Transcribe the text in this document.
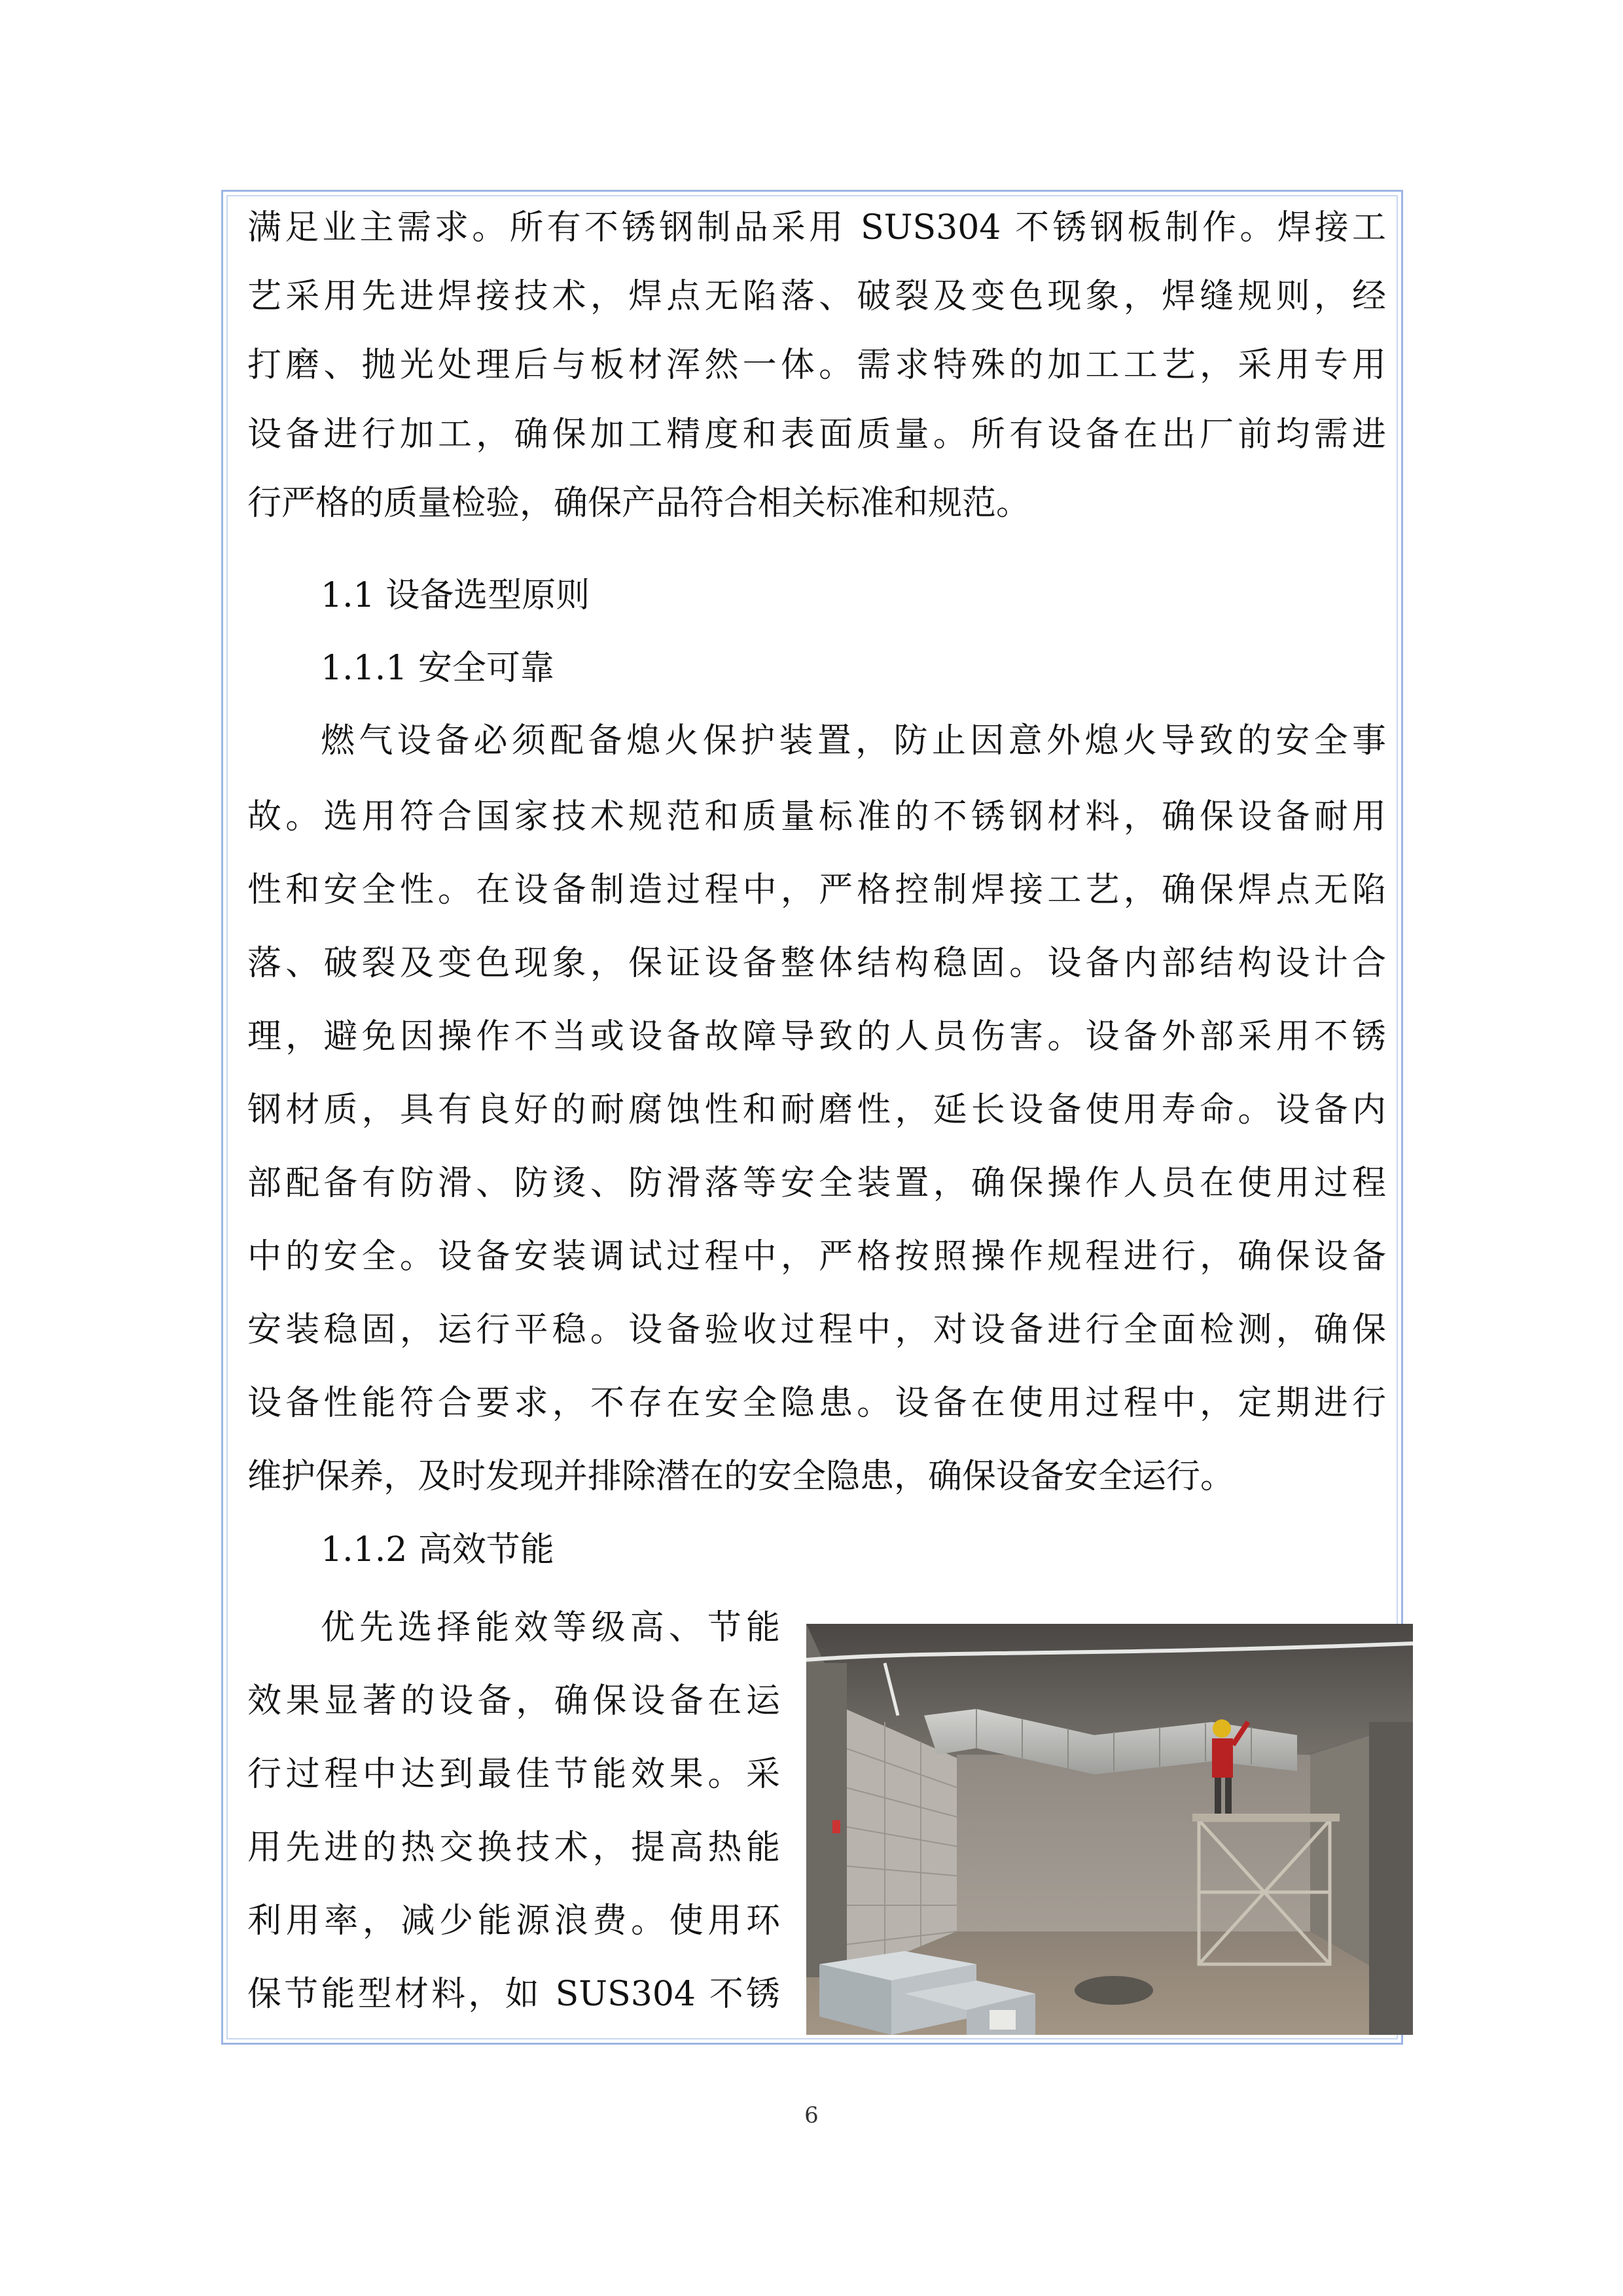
满足业主需求。所有不锈钢制品采用 SUS304 不锈钢板制作。焊接工
艺采用先进焊接技术，焊点无陷落、破裂及变色现象，焊缝规则，经
打磨、抛光处理后与板材浑然一体。需求特殊的加工工艺，采用专用
设备进行加工，确保加工精度和表面质量。所有设备在出厂前均需进
行严格的质量检验，确保产品符合相关标准和规范。
1.1 设备选型原则
1.1.1 安全可靠
燃气设备必须配备熄火保护装置，防止因意外熄火导致的安全事
故。选用符合国家技术规范和质量标准的不锈钢材料，确保设备耐用
性和安全性。在设备制造过程中，严格控制焊接工艺，确保焊点无陷
落、破裂及变色现象，保证设备整体结构稳固。设备内部结构设计合
理，避免因操作不当或设备故障导致的人员伤害。设备外部采用不锈
钢材质，具有良好的耐腐蚀性和耐磨性，延长设备使用寿命。设备内
部配备有防滑、防烫、防滑落等安全装置，确保操作人员在使用过程
中的安全。设备安装调试过程中，严格按照操作规程进行，确保设备
安装稳固，运行平稳。设备验收过程中，对设备进行全面检测，确保
设备性能符合要求，不存在安全隐患。设备在使用过程中，定期进行
维护保养，及时发现并排除潜在的安全隐患，确保设备安全运行。
1.1.2 高效节能
优先选择能效等级高、节能
效果显著的设备，确保设备在运
行过程中达到最佳节能效果。采
用先进的热交换技术，提高热能
利用率，减少能源浪费。使用环
保节能型材料，如 SUS304 不锈
6
